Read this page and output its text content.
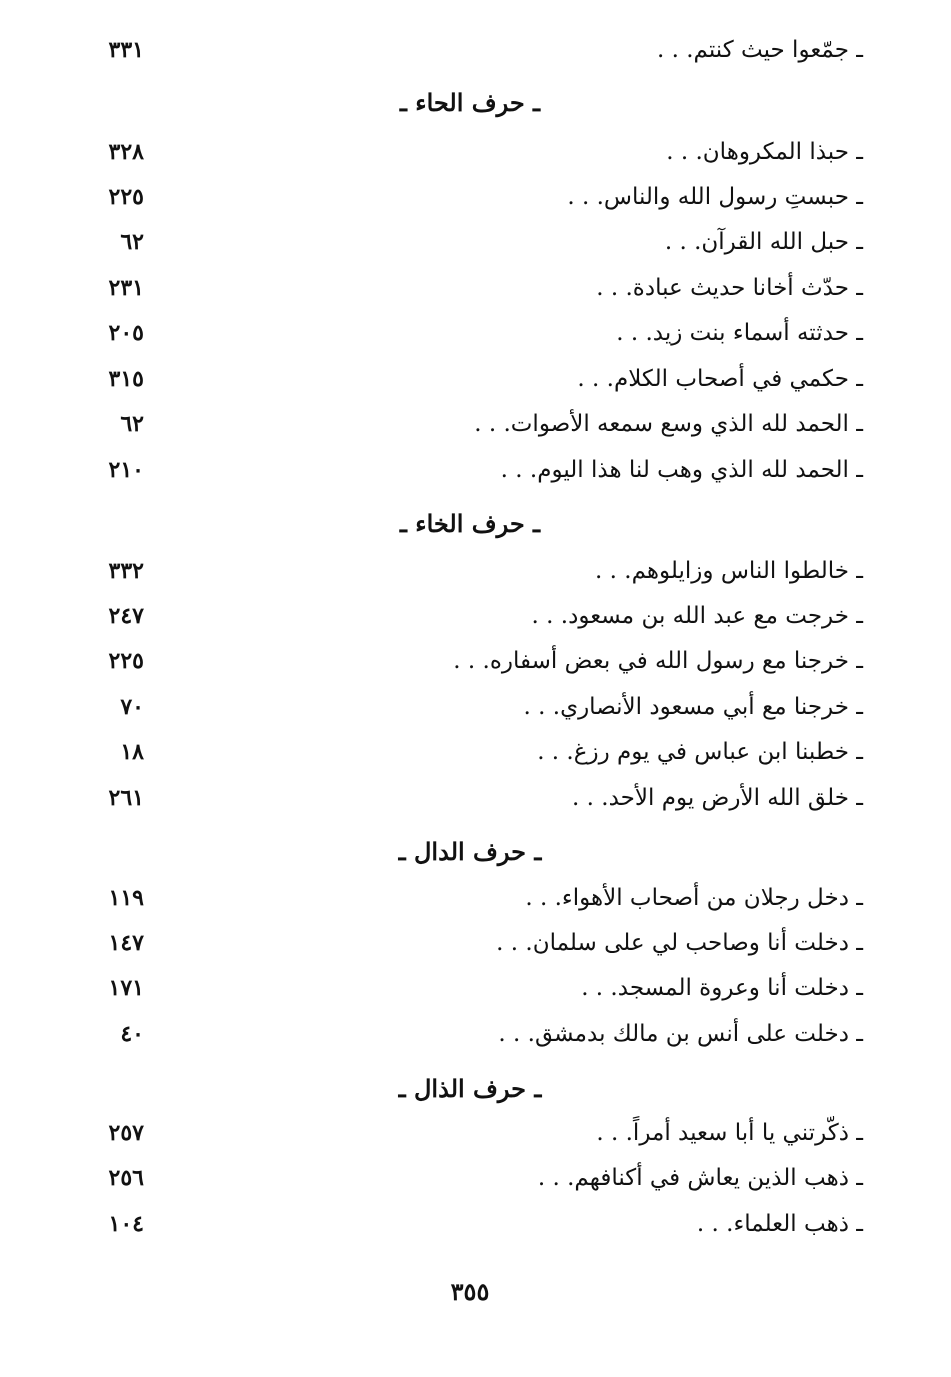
ـ جمّعوا حيث كنتم. . .
٣٣١
ـ حرف الحاء ـ
ـ حبذا المكروهان. . .
٣٢٨
ـ حبستِ رسول الله والناس. . .
٢٢٥
ـ حبل الله القرآن. . .
٦٢
ـ حدّث أخانا حديث عبادة. . .
٢٣١
ـ حدثته أسماء بنت زيد. . .
٢٠٥
ـ حكمي في أصحاب الكلام. . .
٣١٥
ـ الحمد لله الذي وسع سمعه الأصوات. . .
٦٢
ـ الحمد لله الذي وهب لنا هذا اليوم. . .
٢١٠
ـ حرف الخاء ـ
ـ خالطوا الناس وزايلوهم. . .
٣٣٢
ـ خرجت مع عبد الله بن مسعود. . .
٢٤٧
ـ خرجنا مع رسول الله في بعض أسفاره. . .
٢٢٥
ـ خرجنا مع أبي مسعود الأنصاري. . .
٧٠
ـ خطبنا ابن عباس في يوم رزغ. . .
١٨
ـ خلق الله الأرض يوم الأحد. . .
٢٦١
ـ حرف الدال ـ
ـ دخل رجلان من أصحاب الأهواء. . .
١١٩
ـ دخلت أنا وصاحب لي على سلمان. . .
١٤٧
ـ دخلت أنا وعروة المسجد. . .
١٧١
ـ دخلت على أنس بن مالك بدمشق. . .
٤٠
ـ حرف الذال ـ
ـ ذكّرتني يا أبا سعيد أمراً. . .
٢٥٧
ـ ذهب الذين يعاش في أكنافهم. . .
٢٥٦
ـ ذهب العلماء. . .
١٠٤
٣٥٥
